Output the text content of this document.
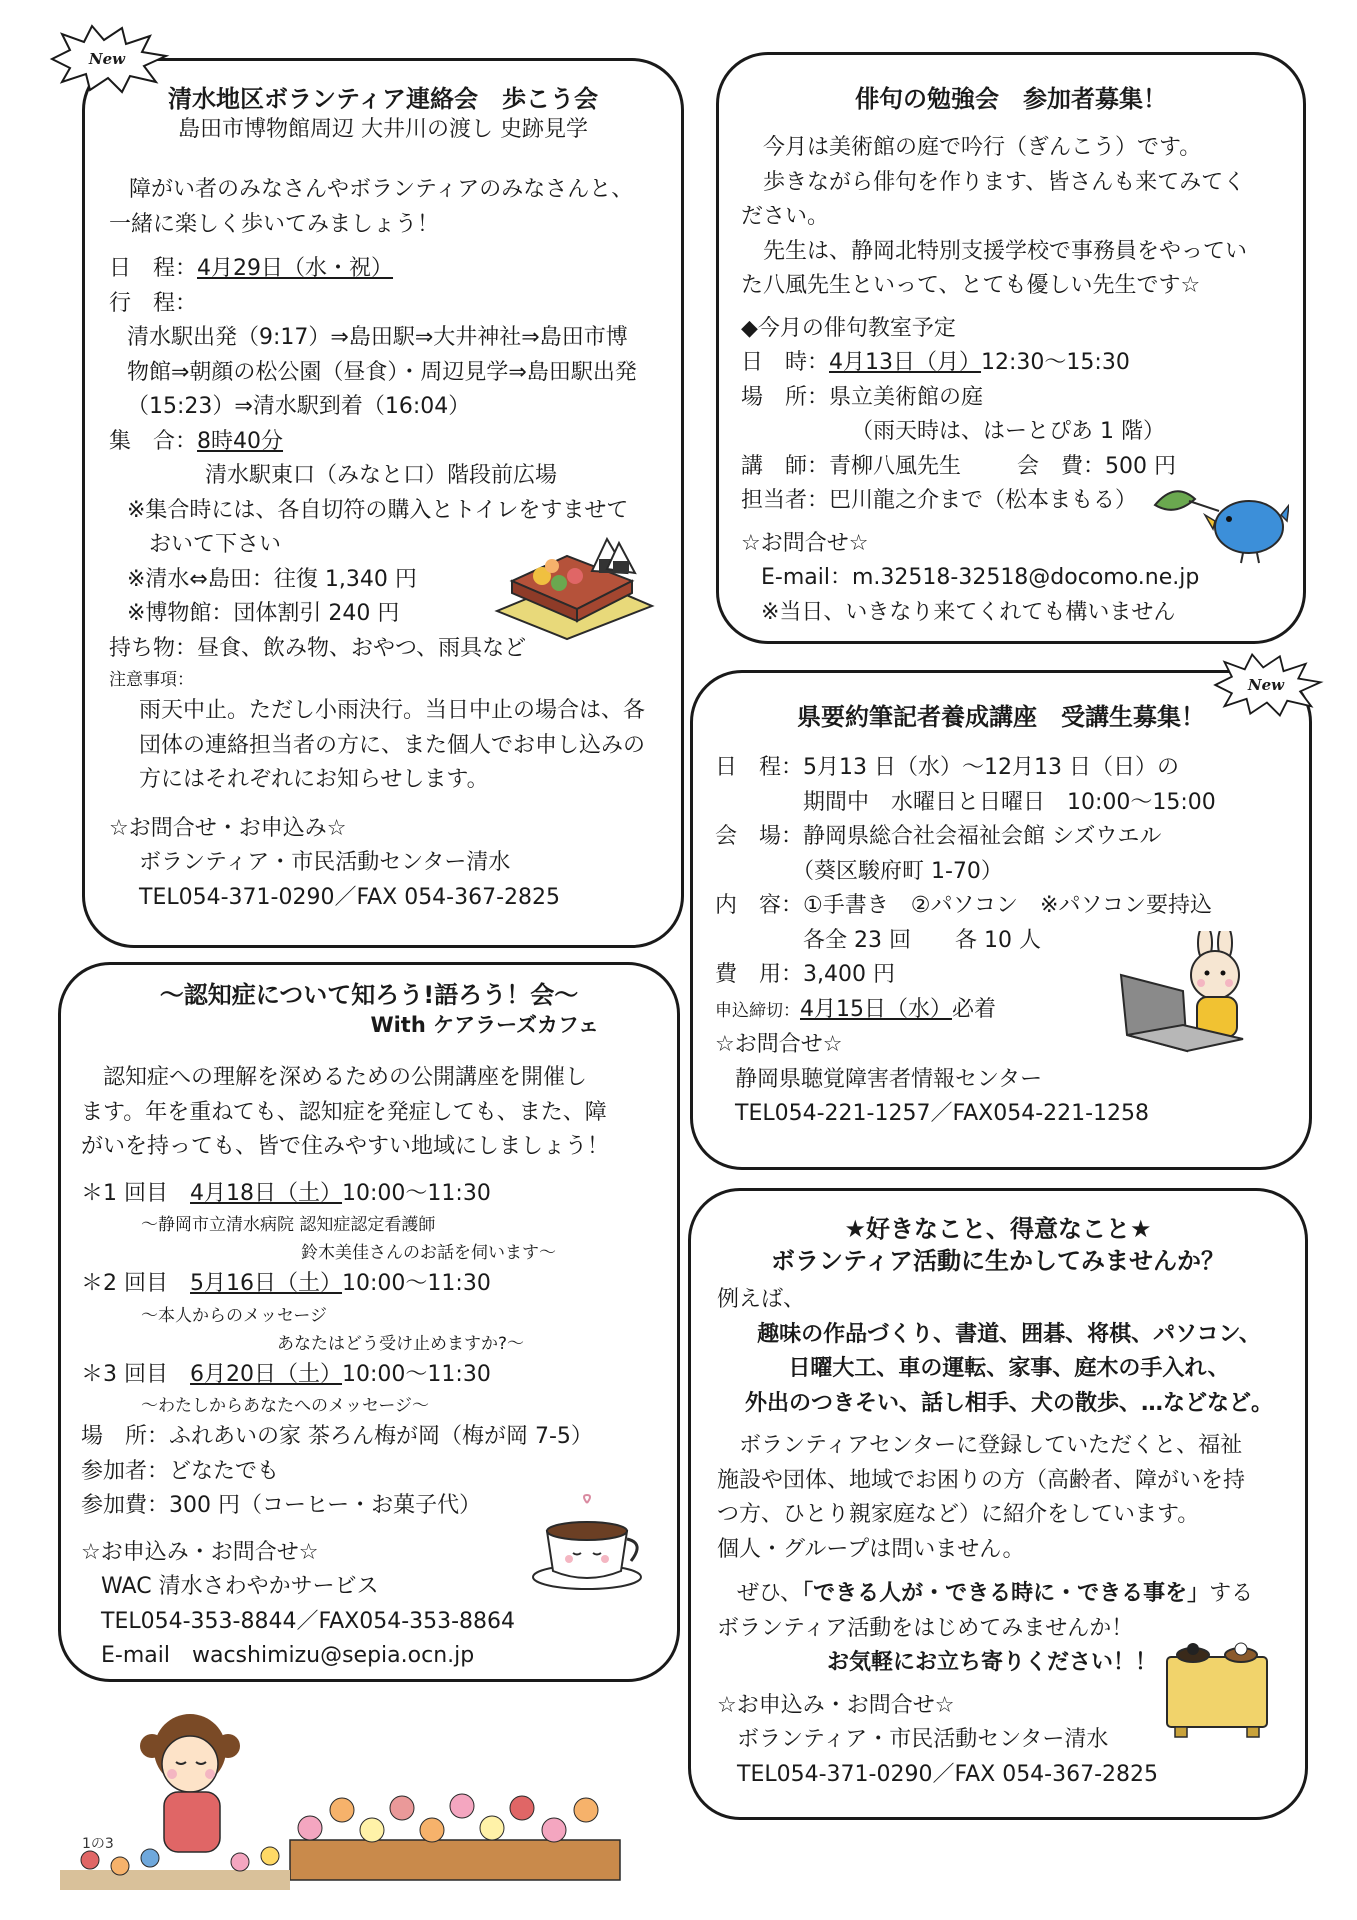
清水地区ボランティア連絡会　歩こう会
島田市博物館周辺 大井川の渡し 史跡見学
障がい者のみなさんやボランティアのみなさんと、
一緒に楽しく歩いてみましょう！
日　程：4月29日（水・祝）
行　程：
清水駅出発（9:17）⇒島田駅⇒大井神社⇒島田市博
物館⇒朝顔の松公園（昼食）・周辺見学⇒島田駅出発
（15:23）⇒清水駅到着（16:04）
集　合：8時40分
清水駅東口（みなと口）階段前広場
※集合時には、各自切符の購入とトイレをすませて
　おいて下さい
※清水⇔島田：往復 1,340 円
※博物館：団体割引 240 円
持ち物：昼食、飲み物、おやつ、雨具など
注意事項：
雨天中止。ただし小雨決行。当日中止の場合は、各
団体の連絡担当者の方に、また個人でお申し込みの
方にはそれぞれにお知らせします。
☆お問合せ・お申込み☆
ボランティア・市民活動センター清水
TEL054-371-0290／FAX 054-367-2825
New
～認知症について知ろう!語ろう！会～
With ケアラーズカフェ
認知症への理解を深めるための公開講座を開催し
ます。年を重ねても、認知症を発症しても、また、障
がいを持っても、皆で住みやすい地域にしましょう！
＊1 回目　 4月18日（土）10:00～11:30
～静岡市立清水病院 認知症認定看護師
鈴木美佳さんのお話を伺います～
＊2 回目　 5月16日（土）10:00～11:30
～本人からのメッセージ
あなたはどう受け止めますか?～
＊3 回目　 6月20日（土）10:00～11:30
～わたしからあなたへのメッセージ～
場　所：ふれあいの家 茶ろん梅が岡（梅が岡 7-5）
参加者：どなたでも
参加費：300 円（コーヒー・お菓子代）
☆お申込み・お問合せ☆
WAC 清水さわやかサービス
TEL054-353-8844／FAX054-353-8864
E-mail　wacshimizu@sepia.ocn.jp
俳句の勉強会　参加者募集！
今月は美術館の庭で吟行（ぎんこう）です。
歩きながら俳句を作ります、皆さんも来てみてく
ださい。
先生は、静岡北特別支援学校で事務員をやってい
た八風先生といって、とても優しい先生です☆
◆今月の俳句教室予定
日　時：4月13日（月）12:30～15:30
場　所：県立美術館の庭
（雨天時は、はーとぴあ 1 階）
講　師：青柳八風先生	会　費：500 円
担当者：巴川龍之介まで（松本まもる）
☆お問合せ☆
E-mail：m.32518-32518@docomo.ne.jp
※当日、いきなり来てくれても構いません
県要約筆記者養成講座　受講生募集！
日　程：5月13 日（水）～12月13 日（日）の
　　　　期間中　水曜日と日曜日　10:00～15:00
会　場：静岡県総合社会福祉会館 シズウエル
　　　　（葵区駿府町 1-70）
内　容：①手書き　②パソコン　※パソコン要持込
　　　　各全 23 回　　各 10 人
費　用：3,400 円
申込締切：4月15日（水）必着
☆お問合せ☆
静岡県聴覚障害者情報センター
TEL054-221-1257／FAX054-221-1258
New
★好きなこと、得意なこと★
ボランティア活動に生かしてみませんか？
例えば、
趣味の作品づくり、書道、囲碁、将棋、パソコン、
日曜大工、車の運転、家事、庭木の手入れ、
外出のつきそい、話し相手、犬の散歩、…などなど。
ボランティアセンターに登録していただくと、福祉
施設や団体、地域でお困りの方（高齢者、障がいを持
つ方、ひとり親家庭など）に紹介をしています。
個人・グループは問いません。
ぜひ、「できる人が・できる時に・できる事を」する
ボランティア活動をはじめてみませんか！
お気軽にお立ち寄りください！！
☆お申込み・お問合せ☆
ボランティア・市民活動センター清水
TEL054-371-0290／FAX 054-367-2825
1の3
